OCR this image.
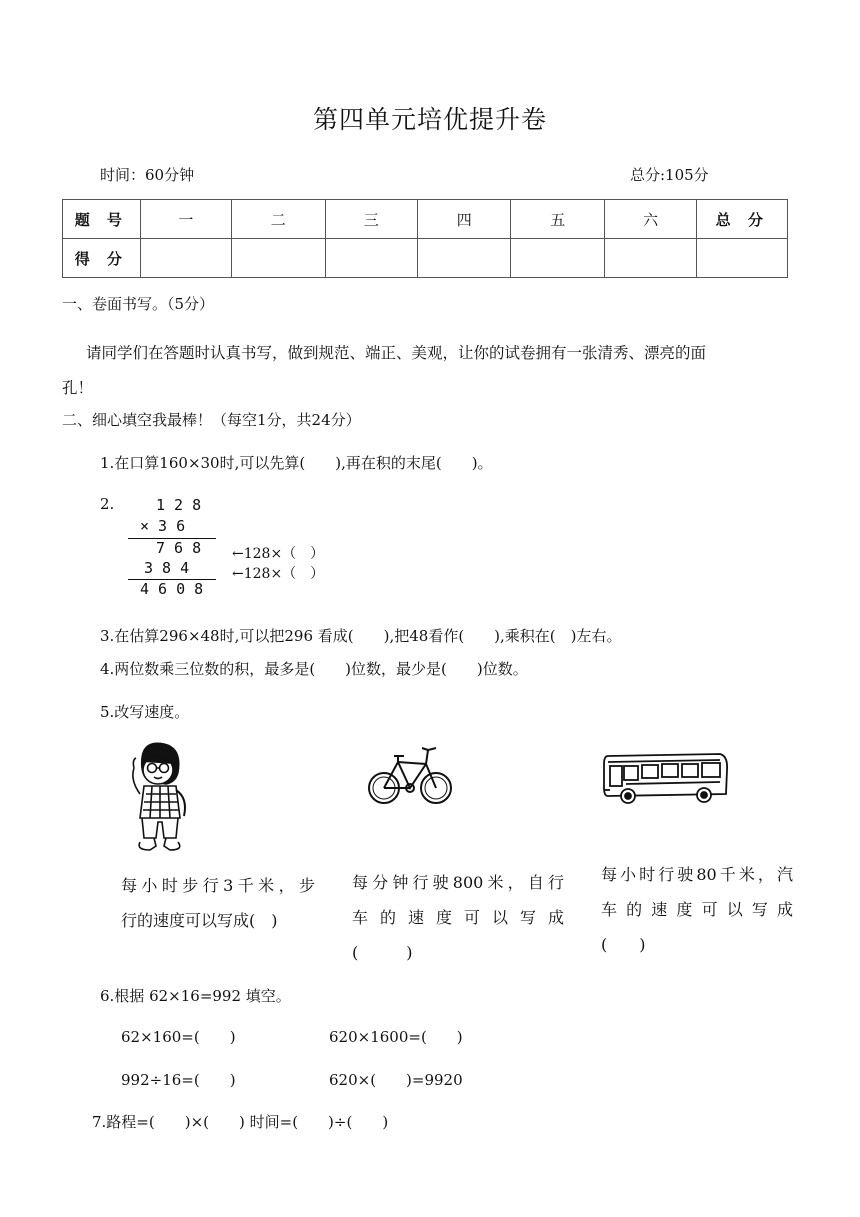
第四单元培优提升卷
时间：60分钟	总分:105分
题 号	一	二	三	四	五	六	总 分
得 分							
一、卷面书写。（5分）
请同学们在答题时认真书写，做到规范、端正、美观，让你的试卷拥有一张清秀、漂亮的面
孔！
二、细心填空我最棒！（每空1分，共24分）
1.在口算160×30时,可以先算(　　),再在积的末尾(　　)。
2.	1 2 8
× 3 6
7 6 8
3 8 4
4 6 0 8
←128×（　）
←128×（　）
3.在估算296×48时,可以把296 看成(　　),把48看作(　　),乘积在(　)左右。
4.两位数乘三位数的积，最多是(　　)位数，最少是(　　)位数。
5.改写速度。
每小时步行3千米，步
行的速度可以写成(　)
每分钟行驶800米，自行
车的速度可以写成
(　　　)
每小时行驶80千米，汽
车的速度可以写成
(　　)
6.根据 62×16=992 填空。
62×160=(　　)	620×1600=(　　)
992÷16=(　　)	620×(　　)=9920
7.路程=(　　)×(　　) 时间=(　　)÷(　　)
